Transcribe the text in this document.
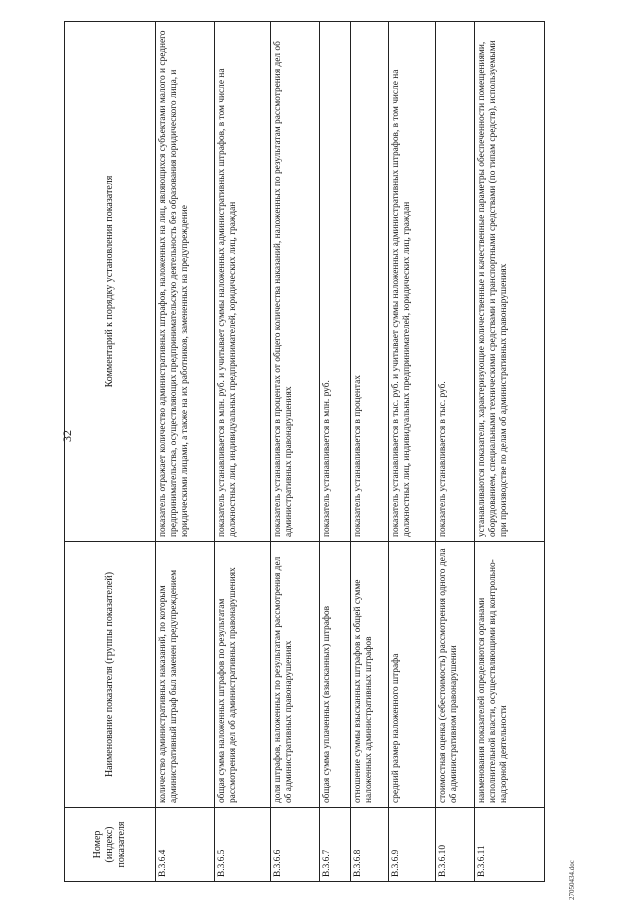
32
Номер (индекс) показателя	Наименование показателя (группы показателей)	Комментарий к порядку установления показателя
В.3.6.4	количество административных наказаний, по которым административный штраф был заменен предупреждением	показатель отражает количество административных штрафов, наложенных на лиц, являющихся субъектами малого и среднего предпринимательства, осуществляющих предпринимательскую деятельность без образования юридического лица, и юридическими лицами, а также на их работников, замененных на предупреждение
В.3.6.5	общая сумма наложенных штрафов по результатам рассмотрения дел об административных правонарушениях	показатель устанавливается в млн. руб. и учитывает суммы наложенных административных штрафов, в том числе на должностных лиц, индивидуальных предпринимателей, юридических лиц, граждан
В.3.6.6	доля штрафов, наложенных по результатам рассмотрения дел об административных правонарушениях	показатель устанавливается в процентах от общего количества наказаний, наложенных по результатам рассмотрения дел об административных правонарушениях
В.3.6.7	общая сумма уплаченных (взысканных) штрафов	показатель устанавливается в млн. руб.
В.3.6.8	отношение суммы взысканных штрафов к общей сумме наложенных административных штрафов	показатель устанавливается в процентах
В.3.6.9	средний размер наложенного штрафа	показатель устанавливается в тыс. руб. и учитывает суммы наложенных административных штрафов, в том числе на должностных лиц, индивидуальных предпринимателей, юридических лиц, граждан
В.3.6.10	стоимостная оценка (себестоимость) рассмотрения одного дела об административном правонарушении	показатель устанавливается в тыс. руб.
В.3.6.11	наименования показателей определяются органами исполнительной власти, осуществляющими вид контрольно-надзорной деятельности	устанавливаются показатели, характеризующие количественные и качественные параметры обеспеченности помещениями, оборудованием, специальными техническими средствами и транспортными средствами (по типам средств), используемыми при производстве по делам об административных правонарушениях
27050434.doc
